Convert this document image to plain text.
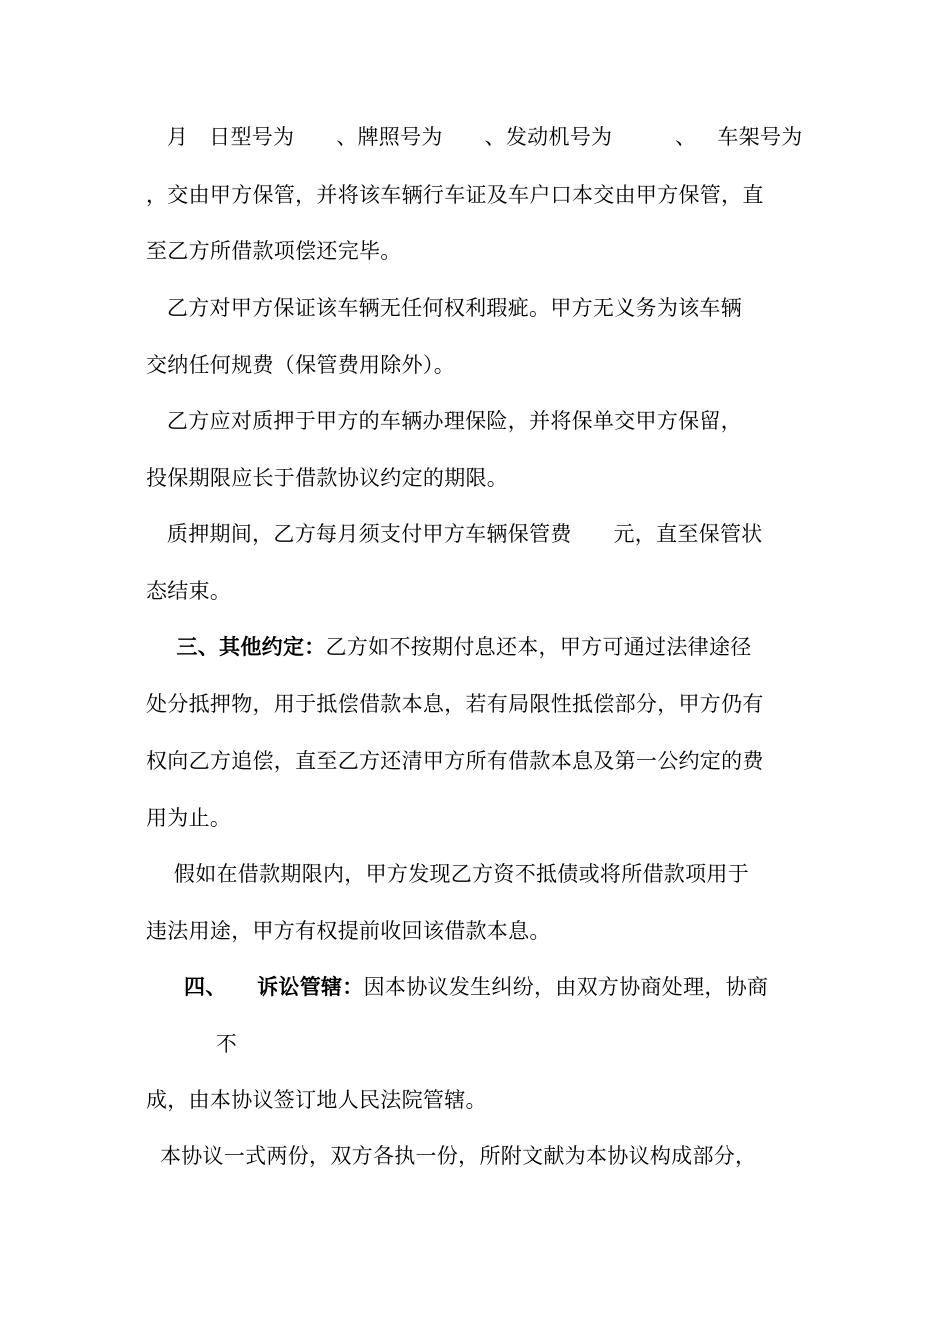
月   日型号为      、牌照号为      、发动机号为         、   车架号为
，交由甲方保管，并将该车辆行车证及车户口本交由甲方保管，直
至乙方所借款项偿还完毕。
乙方对甲方保证该车辆无任何权利瑕疵。甲方无义务为该车辆
交纳任何规费（保管费用除外）。
乙方应对质押于甲方的车辆办理保险，并将保单交甲方保留，
投保期限应长于借款协议约定的期限。
质押期间，乙方每月须支付甲方车辆保管费      元，直至保管状
态结束。
三、其他约定：乙方如不按期付息还本，甲方可通过法律途径
处分抵押物，用于抵偿借款本息，若有局限性抵偿部分，甲方仍有
权向乙方追偿，直至乙方还清甲方所有借款本息及第一公约定的费
用为止。
假如在借款期限内，甲方发现乙方资不抵债或将所借款项用于
违法用途，甲方有权提前收回该借款本息。
四、    诉讼管辖：因本协议发生纠纷，由双方协商处理，协商
不
成，由本协议签订地人民法院管辖。
本协议一式两份，双方各执一份，所附文献为本协议构成部分，
